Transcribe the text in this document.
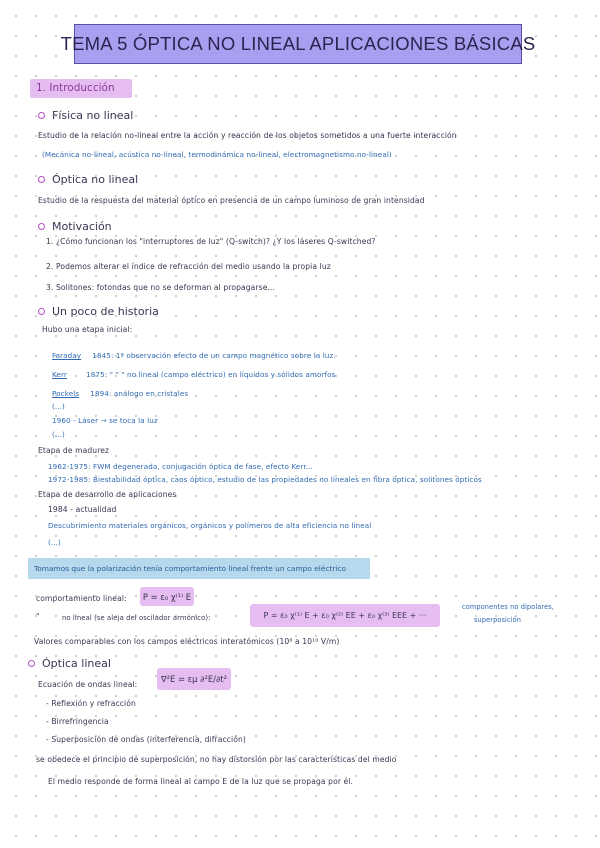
TEMA 5 ÓPTICA NO LINEAL APLICACIONES BÁSICAS
1. Introducción
Física no lineal
Estudio de la relación no-lineal entre la acción y reacción de los objetos sometidos a una fuerte interacción
(Mecánica no-lineal, acústica no-lineal, termodinámica no-lineal, electromagnetismo no-lineal)
Óptica no lineal
Estudio de la respuesta del material óptico en presencia de un campo luminoso de gran intensidad
Motivación
1. ¿Cómo funcionan los "interruptores de luz" (Q-switch)? ¿Y los láseres Q-switched?
2. Podemos alterar el índice de refracción del medio usando la propia luz
3. Solitones: fotondas que no se deforman al propagarse...
Un poco de historia
Hubo una etapa inicial:
Faraday 1845: 1ª observación efecto de un campo magnético sobre la luz.
Kerr	1875: " " " no lineal (campo eléctrico) en líquidos y sólidos amorfos
Pockels 1894: análogo en cristales
(...)
1960 - Láser → se toca la luz
(...)
Etapa de madurez
1962-1975: FWM degenerada, conjugación óptica de fase, efecto Kerr...
1972-1985: Biestabilidad óptica, caos óptico, estudio de las propiedades no lineales en fibra óptica, solitones ópticos
Etapa de desarrollo de aplicaciones
1984 - actualidad
Descubrimiento materiales orgánicos, orgánicos y polímeros de alta eficiencia no lineal
(...)
Tomamos que la polarización tenía comportamiento lineal frente un campo eléctrico
comportamiento lineal:	P = ε₀ χ⁽¹⁾ E
"	no lineal (se aleja del oscilador armónico):	P = ε₀ χ⁽¹⁾ E + ε₀ χ⁽²⁾ EE + ε₀ χ⁽³⁾ EEE + ···
componentes no dipolares,
superposición
Valores comparables con los campos eléctricos interatómicos (10⁸ a 10¹⁰ V/m)
Óptica lineal
Ecuación de ondas lineal:
∇²E = εμ ∂²E/∂t²
- Reflexión y refracción
- Birrefringencia
- Superposición de ondas (interferencia, difracción)
se obedece el principio de superposición, no hay distorsión por las características del medio
El medio responde de forma lineal al campo E de la luz que se propaga por él.
